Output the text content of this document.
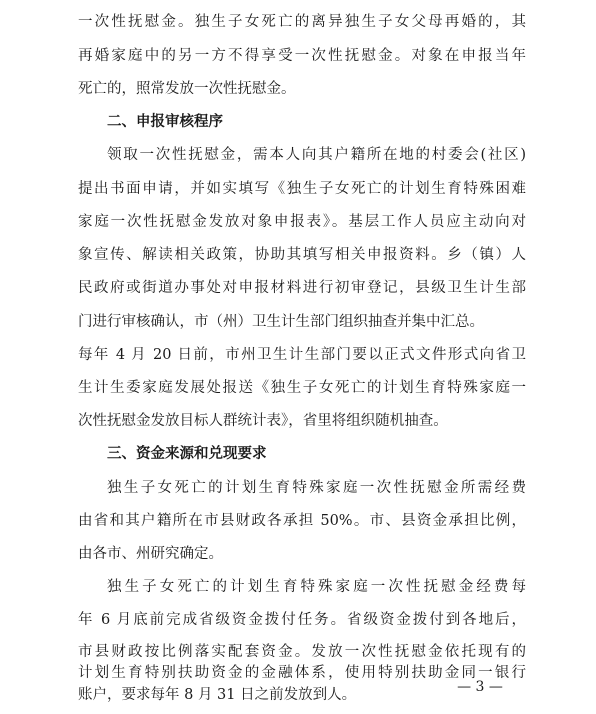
一次性抚慰金。独生子女死亡的离异独生子女父母再婚的，其
再婚家庭中的另一方不得享受一次性抚慰金。对象在申报当年
死亡的，照常发放一次性抚慰金。
二、申报审核程序
领取一次性抚慰金，需本人向其户籍所在地的村委会(社区)
提出书面申请，并如实填写《独生子女死亡的计划生育特殊困难
家庭一次性抚慰金发放对象申报表》。基层工作人员应主动向对
象宣传、解读相关政策，协助其填写相关申报资料。乡（镇）人
民政府或街道办事处对申报材料进行初审登记，县级卫生计生部
门进行审核确认，市（州）卫生计生部门组织抽查并集中汇总。
每年 4 月 20 日前，市州卫生计生部门要以正式文件形式向省卫
生计生委家庭发展处报送《独生子女死亡的计划生育特殊家庭一
次性抚慰金发放目标人群统计表》，省里将组织随机抽查。
三、资金来源和兑现要求
独生子女死亡的计划生育特殊家庭一次性抚慰金所需经费
由省和其户籍所在市县财政各承担 50%。市、县资金承担比例，
由各市、州研究确定。
独生子女死亡的计划生育特殊家庭一次性抚慰金经费每
年 6 月底前完成省级资金拨付任务。省级资金拨付到各地后，
市县财政按比例落实配套资金。发放一次性抚慰金依托现有的
计划生育特别扶助资金的金融体系，使用特别扶助金同一银行
账户，要求每年 8 月 31 日之前发放到人。	— 3 —
